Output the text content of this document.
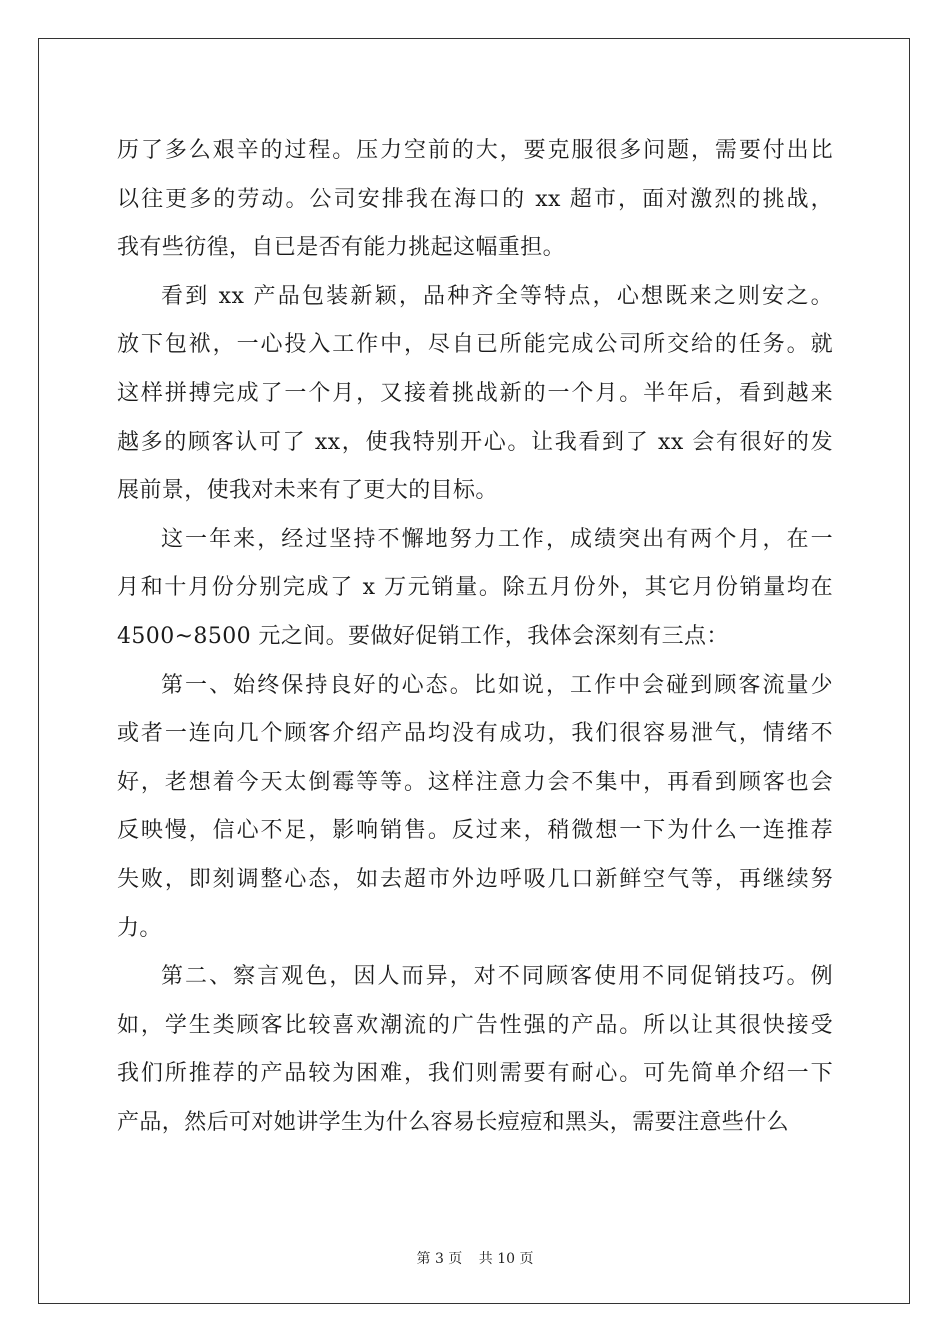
历了多么艰辛的过程。压力空前的大，要克服很多问题，需要付出比
以往更多的劳动。公司安排我在海口的 xx 超市，面对激烈的挑战，
我有些彷徨，自已是否有能力挑起这幅重担。
看到 xx 产品包装新颖，品种齐全等特点，心想既来之则安之。
放下包袱，一心投入工作中，尽自已所能完成公司所交给的任务。就
这样拼搏完成了一个月，又接着挑战新的一个月。半年后，看到越来
越多的顾客认可了 xx，使我特别开心。让我看到了 xx 会有很好的发
展前景，使我对未来有了更大的目标。
这一年来，经过坚持不懈地努力工作，成绩突出有两个月，在一
月和十月份分别完成了 x 万元销量。除五月份外，其它月份销量均在
4500~8500 元之间。要做好促销工作，我体会深刻有三点：
第一、始终保持良好的心态。比如说，工作中会碰到顾客流量少
或者一连向几个顾客介绍产品均没有成功，我们很容易泄气，情绪不
好，老想着今天太倒霉等等。这样注意力会不集中，再看到顾客也会
反映慢，信心不足，影响销售。反过来，稍微想一下为什么一连推荐
失败，即刻调整心态，如去超市外边呼吸几口新鲜空气等，再继续努
力。
第二、察言观色，因人而异，对不同顾客使用不同促销技巧。例
如，学生类顾客比较喜欢潮流的广告性强的产品。所以让其很快接受
我们所推荐的产品较为困难，我们则需要有耐心。可先简单介绍一下
产品，然后可对她讲学生为什么容易长痘痘和黑头，需要注意些什么
第 3 页 共 10 页
